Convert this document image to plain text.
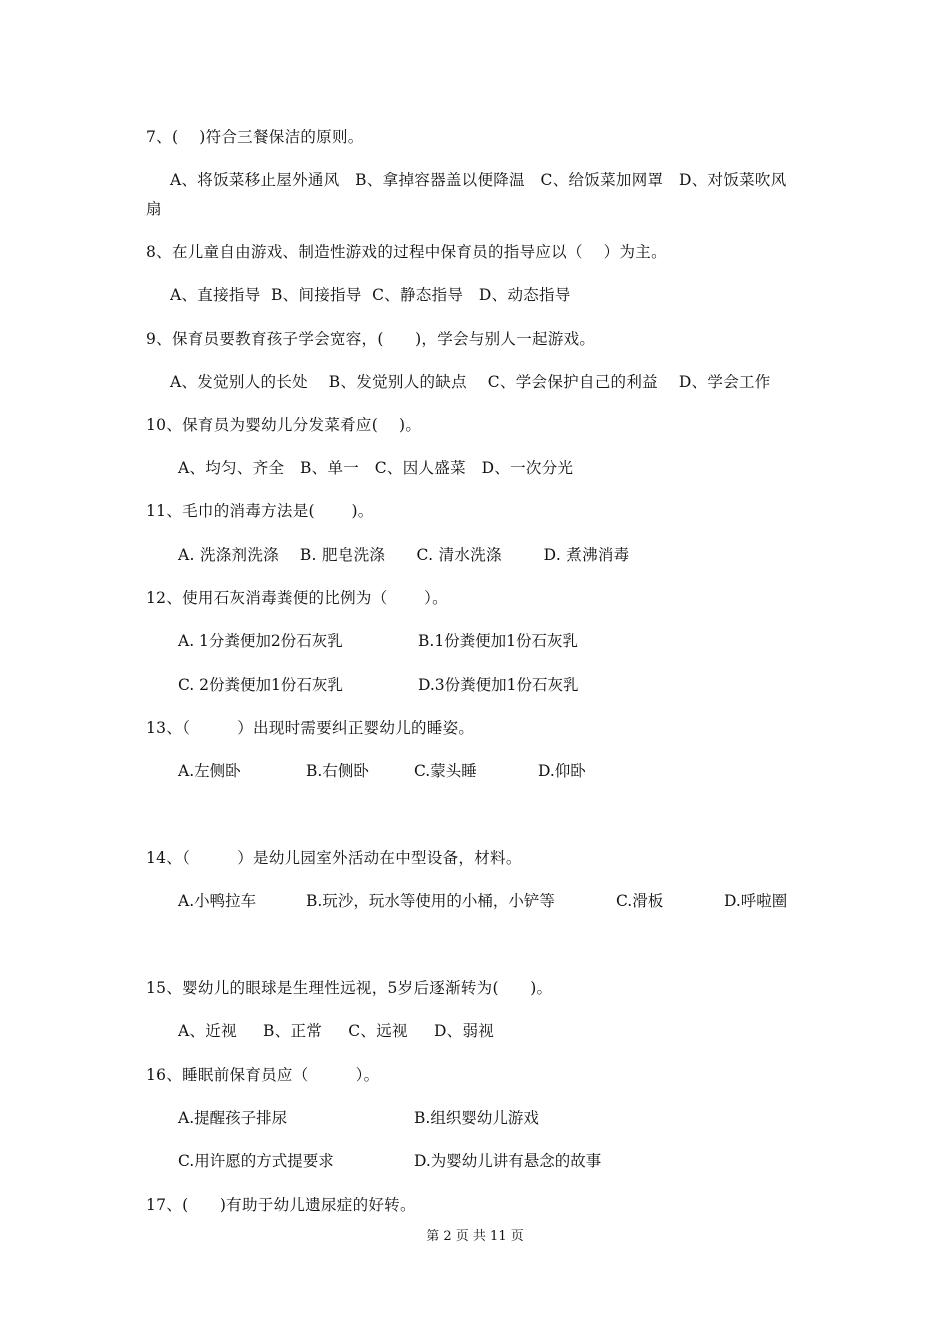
7、(    )符合三餐保洁的原则。
A、将饭菜移止屋外通风   B、拿掉容器盖以便降温   C、给饭菜加网罩   D、对饭菜吹风
扇
8、在儿童自由游戏、制造性游戏的过程中保育员的指导应以（    ）为主。
A、直接指导  B、间接指导  C、静态指导   D、动态指导
9、保育员要教育孩子学会宽容，(      )，学会与别人一起游戏。
A、发觉别人的长处    B、发觉别人的缺点    C、学会保护自己的利益    D、学会工作
10、保育员为婴幼儿分发菜肴应(    )。
A、均匀、齐全   B、单一   C、因人盛菜   D、一次分光
11、毛巾的消毒方法是(       )。
A. 洗涤剂洗涤    B. 肥皂洗涤      C. 清水洗涤        D. 煮沸消毒
12、使用石灰消毒粪便的比例为（       ）。
A. 1分粪便加2份石灰乳	B.1份粪便加1份石灰乳
C. 2份粪便加1份石灰乳	D.3份粪便加1份石灰乳
13、（         ）出现时需要纠正婴幼儿的睡姿。
A.左侧卧	B.右侧卧	C.蒙头睡	D.仰卧
14、（         ）是幼儿园室外活动在中型设备，材料。
A.小鸭拉车	B.玩沙，玩水等使用的小桶，小铲等	C.滑板	D.呼啦圈
15、婴幼儿的眼球是生理性远视，5岁后逐渐转为(      )。
A、近视     B、正常     C、远视     D、弱视
16、睡眠前保育员应（         ）。
A.提醒孩子排尿	B.组织婴幼儿游戏
C.用许愿的方式提要求	D.为婴幼儿讲有悬念的故事
17、(      )有助于幼儿遗尿症的好转。
第 2 页 共 11 页
